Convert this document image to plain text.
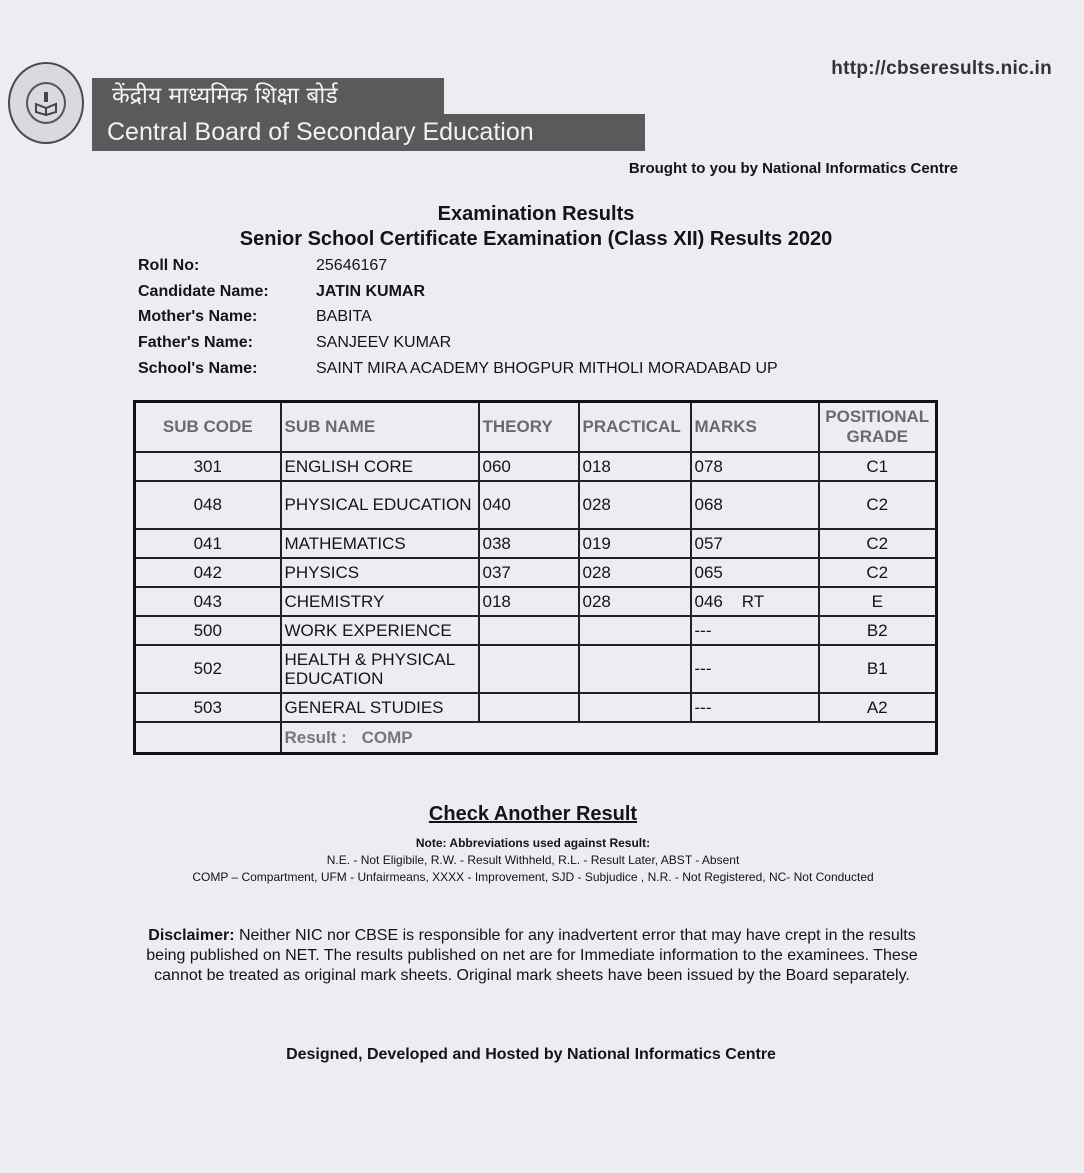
केंद्रीय माध्यमिक शिक्षा बोर्ड
Central Board of Secondary Education
http://cbseresults.nic.in
Brought to you by National Informatics Centre
Examination Results
Senior School Certificate Examination (Class XII) Results 2020
Roll No:	25646167
Candidate Name:	JATIN KUMAR
Mother's Name:	BABITA
Father's Name:	SANJEEV KUMAR
School's Name:	SAINT MIRA ACADEMY BHOGPUR MITHOLI MORADABAD UP
SUB CODE	SUB NAME	THEORY	PRACTICAL	MARKS	POSITIONAL GRADE
301	ENGLISH CORE	060	018	078	C1
048	PHYSICAL EDUCATION	040	028	068	C2
041	MATHEMATICS	038	019	057	C2
042	PHYSICS	037	028	065	C2
043	CHEMISTRY	018	028	046    RT	E
500	WORK EXPERIENCE			---	B2
502	HEALTH & PHYSICAL EDUCATION			---	B1
503	GENERAL STUDIES			---	A2
	Result : COMP				
Check Another Result
Note: Abbreviations used against Result:
N.E. - Not Eligibile, R.W. - Result Withheld, R.L. - Result Later, ABST - Absent
COMP – Compartment, UFM - Unfairmeans, XXXX - Improvement, SJD - Subjudice , N.R. - Not Registered, NC- Not Conducted
Disclaimer: Neither NIC nor CBSE is responsible for any inadvertent error that may have crept in the results being published on NET. The results published on net are for Immediate information to the examinees. These cannot be treated as original mark sheets. Original mark sheets have been issued by the Board separately.
Designed, Developed and Hosted by National Informatics Centre
